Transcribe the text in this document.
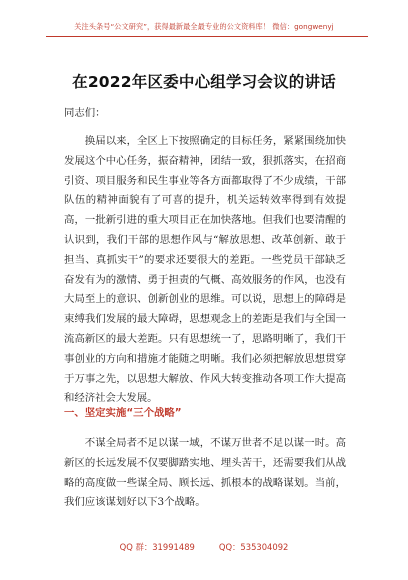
关注头条号“公文研究”，获得最新最全最专业的公文资料库！ 微信：gongwenyj
在2022年区委中心组学习会议的讲话
同志们：

换届以来，全区上下按照确定的目标任务，紧紧围绕加快发展这个中心任务，振奋精神，团结一致，狠抓落实，在招商引资、项目服务和民生事业等各方面都取得了不少成绩，干部队伍的精神面貌有了可喜的提升，机关运转效率得到有效提高，一批新引进的重大项目正在加快落地。但我们也要清醒的认识到，我们干部的思想作风与“解放思想、改革创新、敢于担当、真抓实干”的要求还要很大的差距。一些党员干部缺乏奋发有为的激情、勇于担责的气概、高效服务的作风，也没有大局至上的意识、创新创业的思维。可以说，思想上的障碍是束缚我们发展的最大障碍，思想观念上的差距是我们与全国一流高新区的最大差距。只有思想统一了，思路明晰了，我们干事创业的方向和措施才能随之明晰。我们必须把解放思想贯穿于万事之先，以思想大解放、作风大转变推动各项工作大提高和经济社会大发展。

一、坚定实施“三个战略”

不谋全局者不足以谋一域，不谋万世者不足以谋一时。高新区的长远发展不仅要脚踏实地、埋头苦干，还需要我们从战略的高度做一些谋全局、顾长远、抓根本的战略谋划。当前，我们应该谋划好以下3个战略。

QQ 群：31991489	QQ：535304092
